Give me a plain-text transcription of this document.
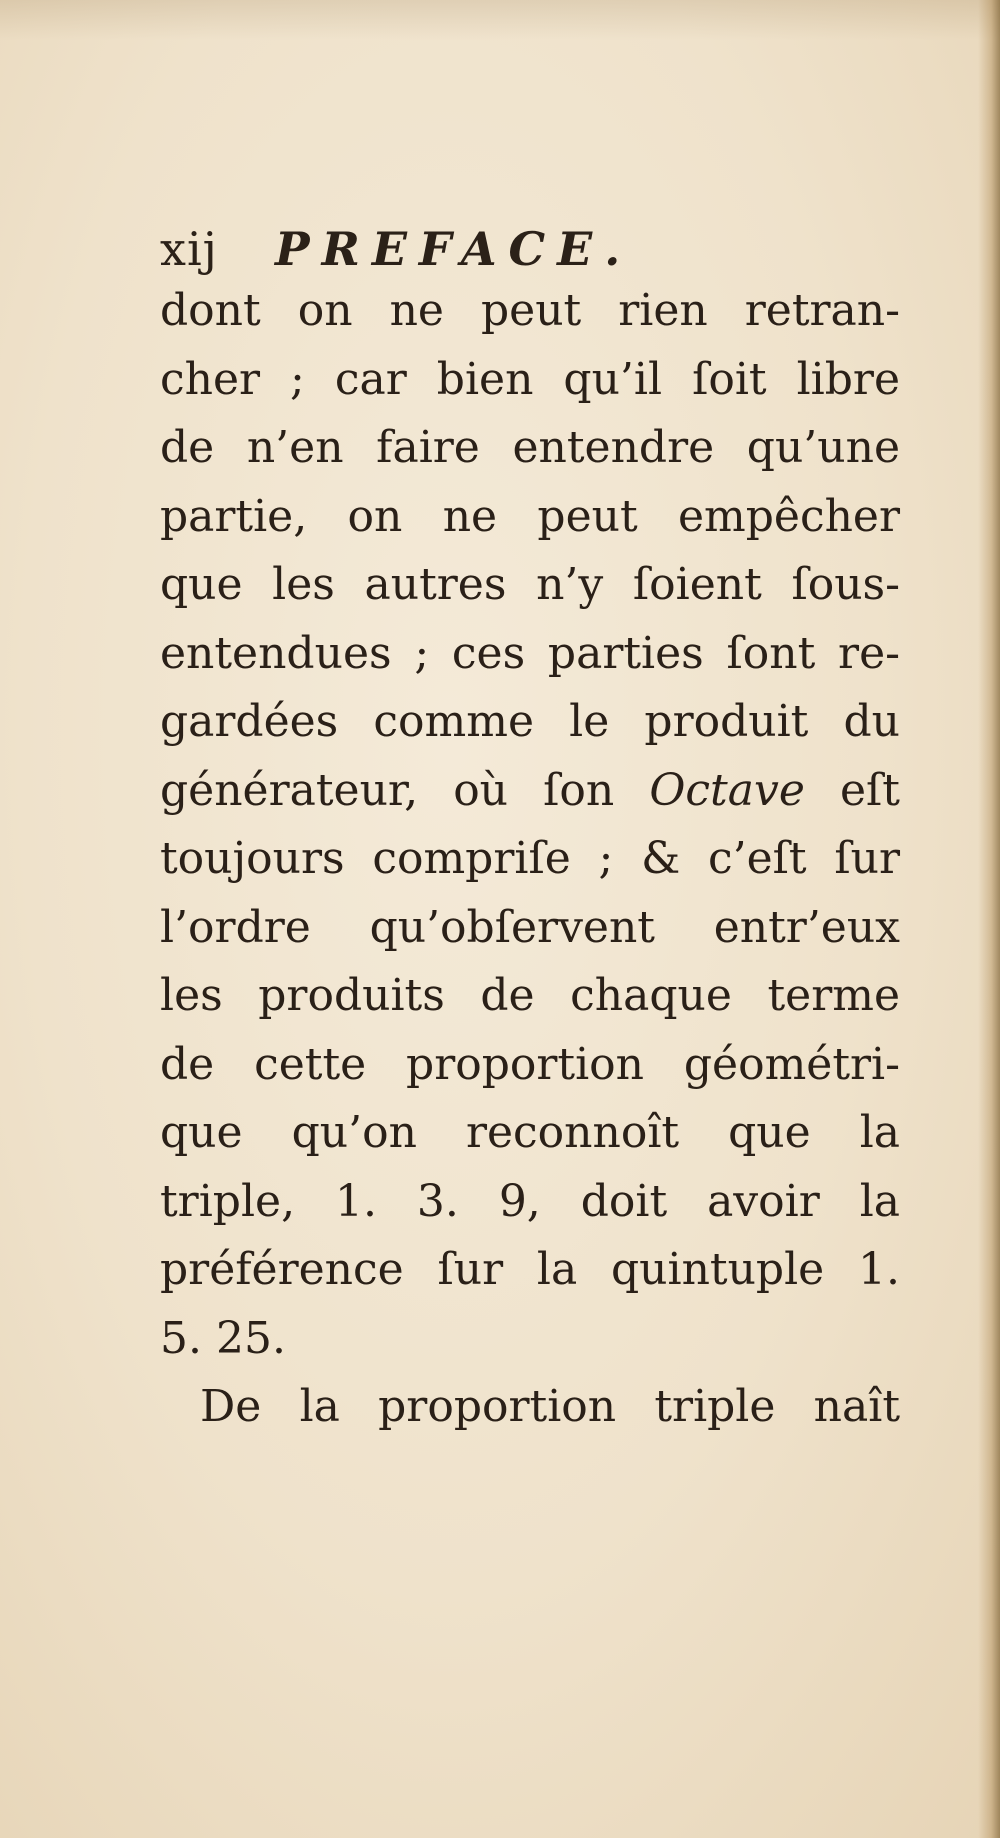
xij PREFACE.
dont on ne peut rien retran-
cher ; car bien qu’il ſoit libre
de n’en faire entendre qu’une
partie, on ne peut empêcher
que les autres n’y ſoient ſous-
entendues ; ces parties ſont re-
gardées comme le produit du
générateur, où ſon Octave eſt
toujours compriſe ; & c’eſt ſur
l’ordre qu’obſervent entr’eux
les produits de chaque terme
de cette proportion géométri-
que qu’on reconnoît que la
triple, 1. 3. 9, doit avoir la
préférence ſur la quintuple 1.
5. 25.
De la proportion triple naît
